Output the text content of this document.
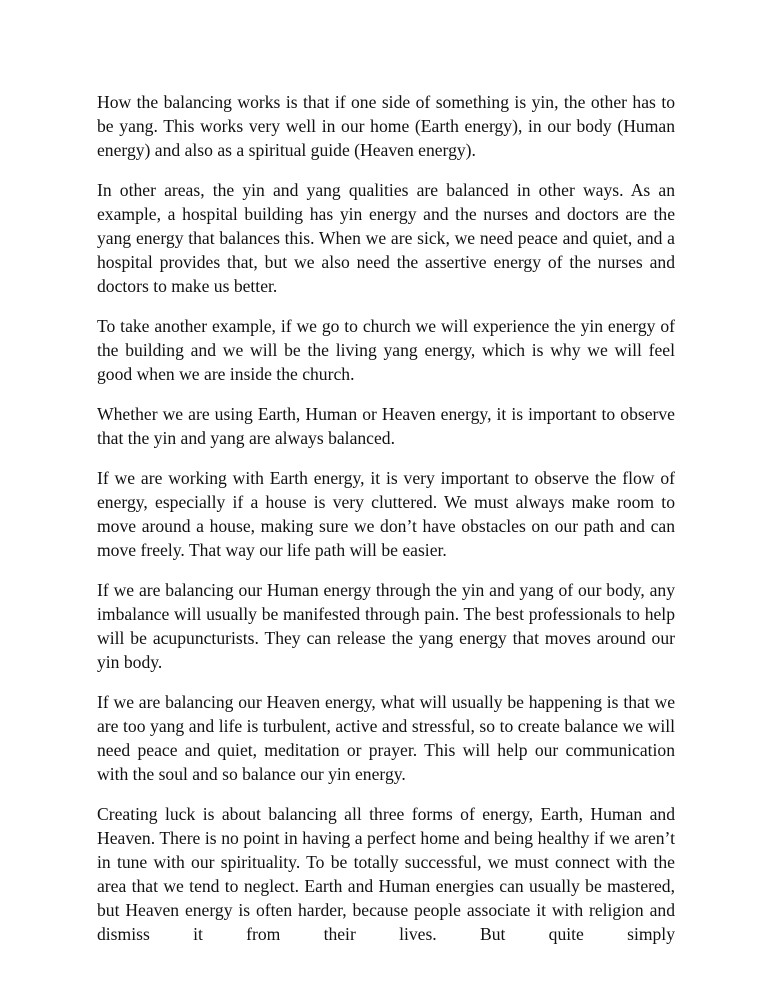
How the balancing works is that if one side of something is yin, the other has to be yang. This works very well in our home (Earth energy), in our body (Human energy) and also as a spiritual guide (Heaven energy).

In other areas, the yin and yang qualities are balanced in other ways. As an example, a hospital building has yin energy and the nurses and doctors are the yang energy that balances this. When we are sick, we need peace and quiet, and a hospital provides that, but we also need the assertive energy of the nurses and doctors to make us better.

To take another example, if we go to church we will experience the yin energy of the building and we will be the living yang energy, which is why we will feel good when we are inside the church.

Whether we are using Earth, Human or Heaven energy, it is important to observe that the yin and yang are always balanced.

If we are working with Earth energy, it is very important to observe the flow of energy, especially if a house is very cluttered. We must always make room to move around a house, making sure we don’t have obstacles on our path and can move freely. That way our life path will be easier.

If we are balancing our Human energy through the yin and yang of our body, any imbalance will usually be manifested through pain. The best professionals to help will be acupuncturists. They can release the yang energy that moves around our yin body.

If we are balancing our Heaven energy, what will usually be happening is that we are too yang and life is turbulent, active and stressful, so to create balance we will need peace and quiet, meditation or prayer. This will help our communication with the soul and so balance our yin energy.

Creating luck is about balancing all three forms of energy, Earth, Human and Heaven. There is no point in having a perfect home and being healthy if we aren’t in tune with our spirituality. To be totally successful, we must connect with the area that we tend to neglect. Earth and Human energies can usually be mastered, but Heaven energy is often harder, because people associate it with religion and dismiss it from their lives. But quite simply
